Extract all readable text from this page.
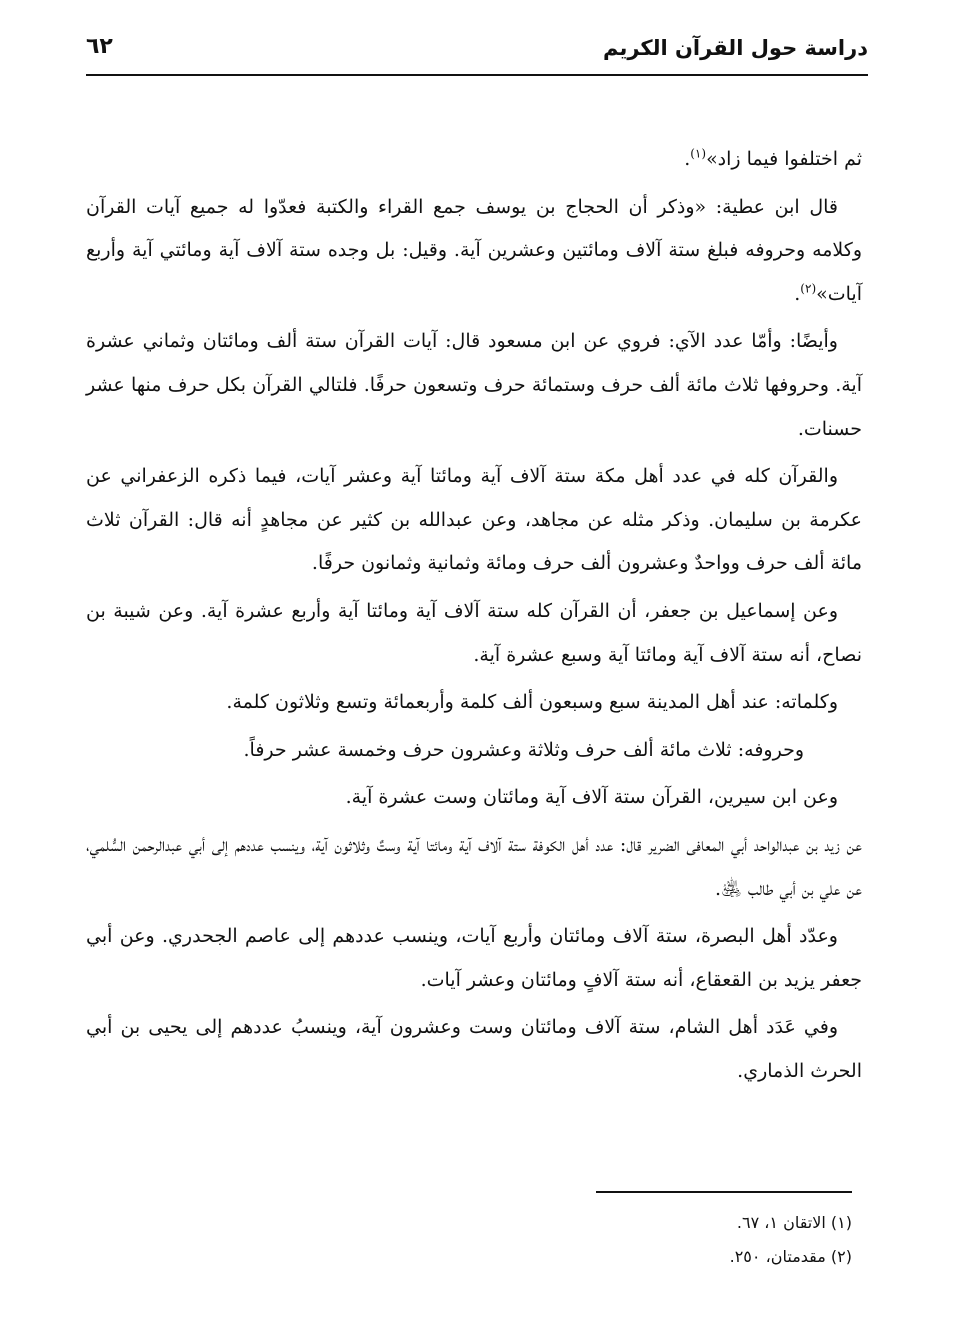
دراسة حول القرآن الكريم
٦٢

ثم اختلفوا فيما زاد»$^{(١)}$.

قال ابن عطية: «وذكر أن الحجاج بن يوسف جمع القراء والكتبة فعدّوا له جميع آيات القرآن وكلامه وحروفه فبلغ ستة آلاف ومائتين وعشرين آية. وقيل: بل وجده ستة آلاف آية ومائتي آية وأربع آيات»$^{(٢)}$.

وأيضًا: وأمّا عدد الآي: فروي عن ابن مسعود قال: آيات القرآن ستة ألف ومائتان وثماني عشرة آية. وحروفها ثلاث مائة ألف حرف وستمائة حرف وتسعون حرفًا. فلتالي القرآن بكل حرف منها عشر حسنات.

والقرآن كله في عدد أهل مكة ستة آلاف آية ومائتا آية وعشر آيات، فيما ذكره الزعفراني عن عكرمة بن سليمان. وذكر مثله عن مجاهد، وعن عبدالله بن كثير عن مجاهدٍ أنه قال: القرآن ثلاث مائة ألف حرف وواحدٌ وعشرون ألف حرف ومائة وثمانية وثمانون حرفًا.

وعن إسماعيل بن جعفر، أن القرآن كله ستة آلاف آية ومائتا آية وأربع عشرة آية. وعن شيبة بن نصاح، أنه ستة آلاف آية ومائتا آية وسبع عشرة آية.

وكلماته: عند أهل المدينة سبع وسبعون ألف كلمة وأربعمائة وتسع وثلاثون كلمة.

وحروفه: ثلاث مائة ألف حرف وثلاثة وعشرون حرف وخمسة عشر حرفاً.

وعن ابن سيرين، القرآن ستة آلاف آية ومائتان وست عشرة آية.

عن زيد بن عبدالواحد أبي المعافى الضرير قال: عدد أهل الكوفة ستة آلاف آية ومائتا آية وستٌ وثلاثون آية، وينسب عددهم إلى أبي عبدالرحمن السُّلمي، عن علي بن أبي طالب ﵁.

وعدّد أهل البصرة، ستة آلاف ومائتان وأربع آيات، وينسب عددهم إلى عاصم الجحدري. وعن أبي جعفر يزيد بن القعقاع، أنه ستة آلافٍ ومائتان وعشر آيات.

وفي عَدَد أهل الشام، ستة آلاف ومائتان وست وعشرون آية، وينسبُ عددهم إلى يحيى بن أبي الحرث الذماري.

(١) الاتقان ١، ٦٧.
(٢) مقدمتان، ٢٥٠.
